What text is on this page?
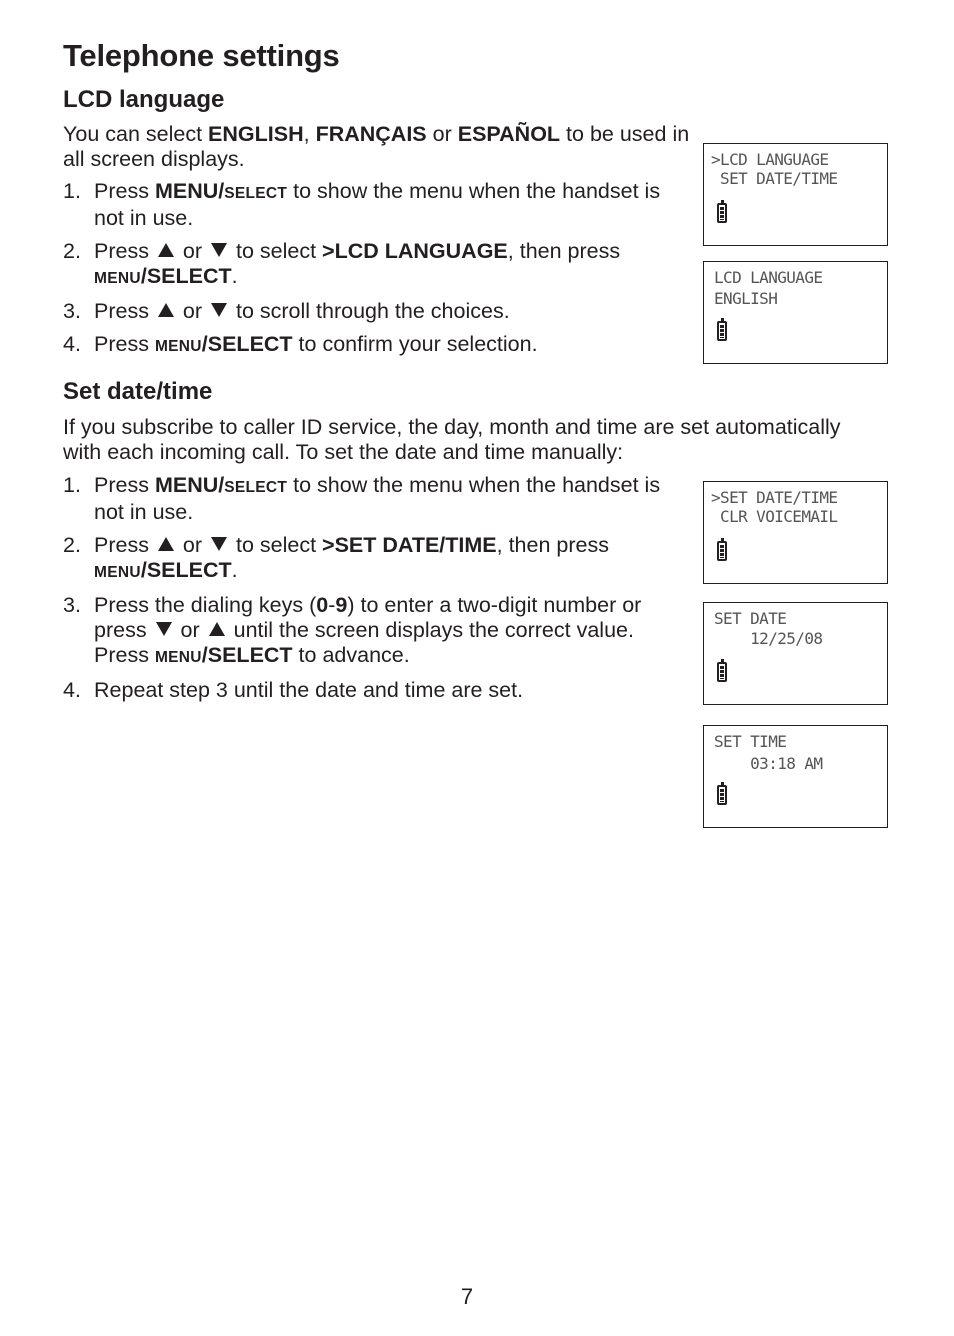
Telephone settings
LCD language

You can select ENGLISH, FRANÇAIS or ESPAÑOL to be used in all screen displays.

1. Press MENU/SELECT to show the menu when the handset is not in use.
2. Press  or  to select >LCD LANGUAGE, then press MENU/SELECT.
3. Press  or  to scroll through the choices.
4. Press MENU/SELECT to confirm your selection.
Set date/time

If you subscribe to caller ID service, the day, month and time are set automatically with each incoming call. To set the date and time manually:

1. Press MENU/SELECT to show the menu when the handset is not in use.
2. Press  or  to select >SET DATE/TIME, then press MENU/SELECT.
3. Press the dialing keys (0-9) to enter a two-digit number or press  or  until the screen displays the correct value. Press MENU/SELECT to advance.
4. Repeat step 3 until the date and time are set.
>LCD LANGUAGE
SET DATE/TIME
LCD LANGUAGE
ENGLISH
>SET DATE/TIME
CLR VOICEMAIL
SET DATE
12/25/08
SET TIME
03:18 AM
7
